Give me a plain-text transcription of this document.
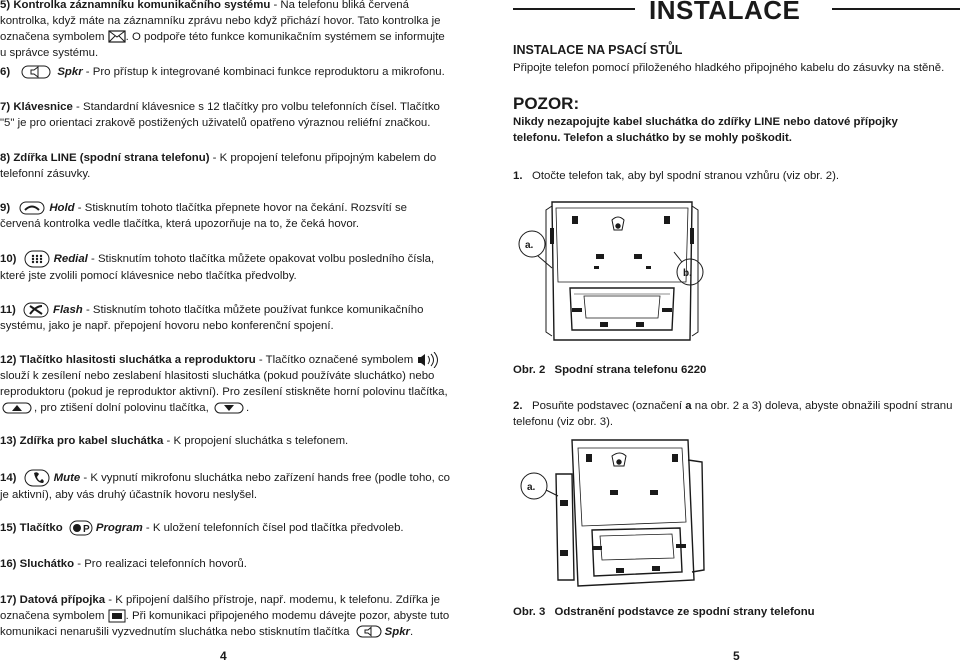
5) Kontrolka záznamníku komunikačního systému - Na telefonu bliká červená kontrolka, když máte na záznamníku zprávu nebo když přichází hovor. Tato kontrolka je označena symbolem . O podpoře této funkce komunikačním systémem se informujte u správce systému.
6)	Spkr - Pro přístup k integrované kombinaci funkce reproduktoru a mikrofonu.
7) Klávesnice - Standardní klávesnice s 12 tlačítky pro volbu telefonních čísel. Tlačítko "5" je pro orientaci zrakově postižených uživatelů opatřeno výraznou reliéfní značkou.
8) Zdířka LINE (spodní strana telefonu) - K propojení telefonu připojným kabelem do telefonní zásuvky.
9)	Hold - Stisknutím tohoto tlačítka přepnete hovor na čekání. Rozsvítí se červená kontrolka vedle tlačítka, která upozorňuje na to, že čeká hovor.
10)	Redial - Stisknutím tohoto tlačítka můžete opakovat volbu posledního čísla, které jste zvolili pomocí klávesnice nebo tlačítka předvolby.
11)	Flash - Stisknutím tohoto tlačítka můžete používat funkce komunikačního systému, jako je např. přepojení hovoru nebo konferenční spojení.
12) Tlačítko hlasitosti sluchátka a reproduktoru - Tlačítko označené symbolem
slouží k zesílení nebo zeslabení hlasitosti sluchátka (pokud používáte sluchátko) nebo reproduktoru (pokud je reproduktor aktivní). Pro zesílení stiskněte horní polovinu tlačítka,
, pro ztišení dolní polovinu tlačítka,	.
13) Zdířka pro kabel sluchátka - K propojení sluchátka s telefonem.
14)	Mute - K vypnutí mikrofonu sluchátka nebo zařízení hands free (podle toho, co je aktivní), aby vás druhý účastník hovoru neslyšel.
15) Tlačítko P Program - K uložení telefonních čísel pod tlačítka předvoleb.
16) Sluchátko - Pro realizaci telefonních hovorů.
17) Datová přípojka - K připojení dalšího přístroje, např. modemu, k telefonu. Zdířka je označena symbolem . Při komunikaci připojeného modemu dávejte pozor, abyste tuto komunikaci nenarušili vyzvednutím sluchátka nebo stisknutím tlačítka	Spkr.
4
INSTALACE
INSTALACE NA PSACÍ STŮL
Připojte telefon pomocí přiloženého hladkého připojného kabelu do zásuvky na stěně.
POZOR:
Nikdy nezapojujte kabel sluchátka do zdířky LINE nebo datové přípojky telefonu. Telefon a sluchátko by se mohly poškodit.
1. Otočte telefon tak, aby byl spodní stranou vzhůru (viz obr. 2).
a.
b.
Obr. 2 Spodní strana telefonu 6220
2. Posuňte podstavec (označení a na obr. 2 a 3) doleva, abyste obnažili spodní stranu telefonu (viz obr. 3).
a.
Obr. 3 Odstranění podstavce ze spodní strany telefonu
5
